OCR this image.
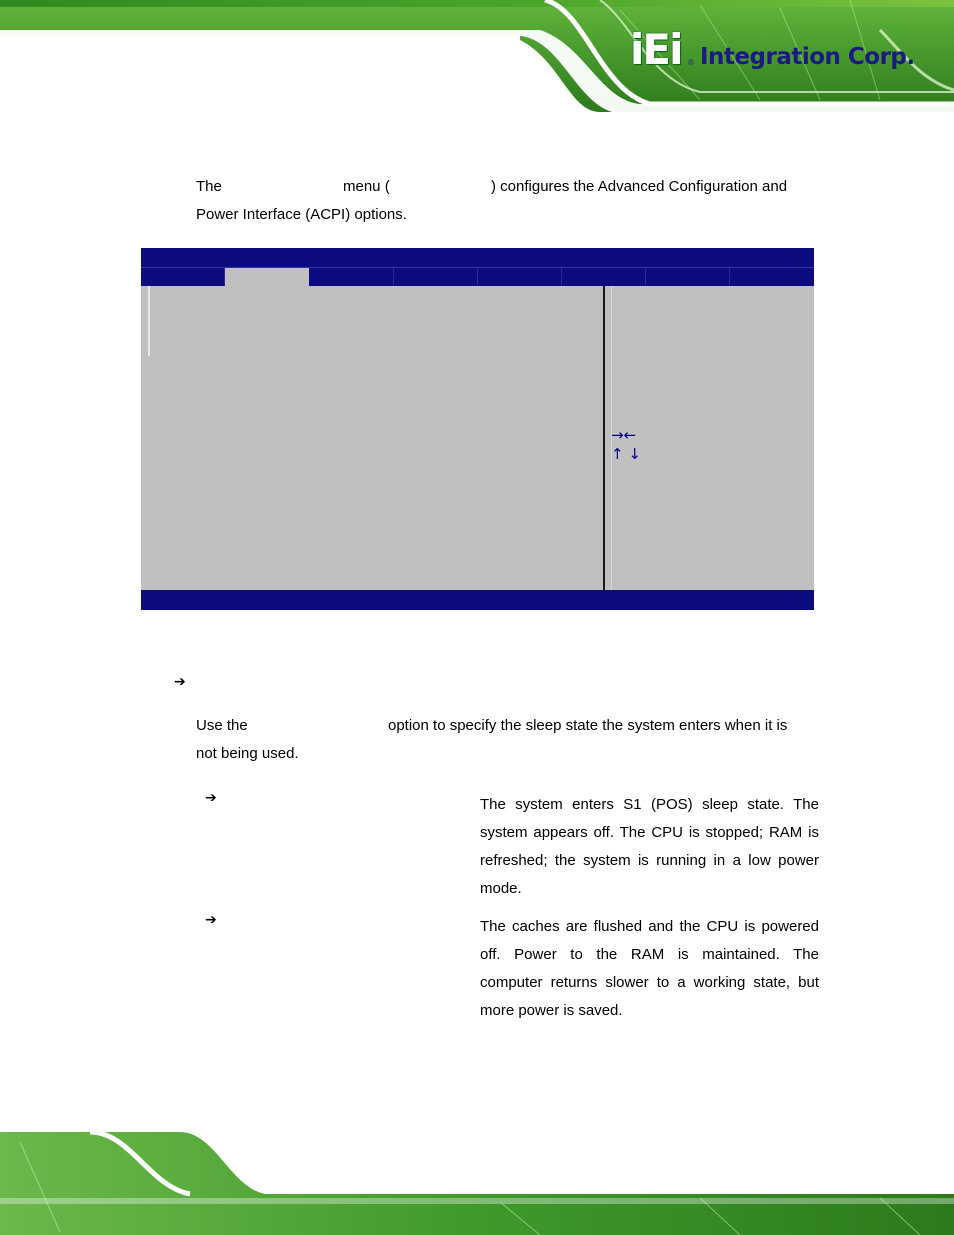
iEi ® Integration Corp.
The	menu (	) configures the Advanced Configuration and
Power Interface (ACPI) options.
→←
↑ ↓
➔
Use the	option to specify the sleep state the system enters when it is
not being used.
➔	The system enters S1 (POS) sleep state. The
system appears off. The CPU is stopped; RAM is
refreshed; the system is running in a low power
mode.
➔	The caches are flushed and the CPU is powered
off. Power to the RAM is maintained. The
computer returns slower to a working state, but
more power is saved.
